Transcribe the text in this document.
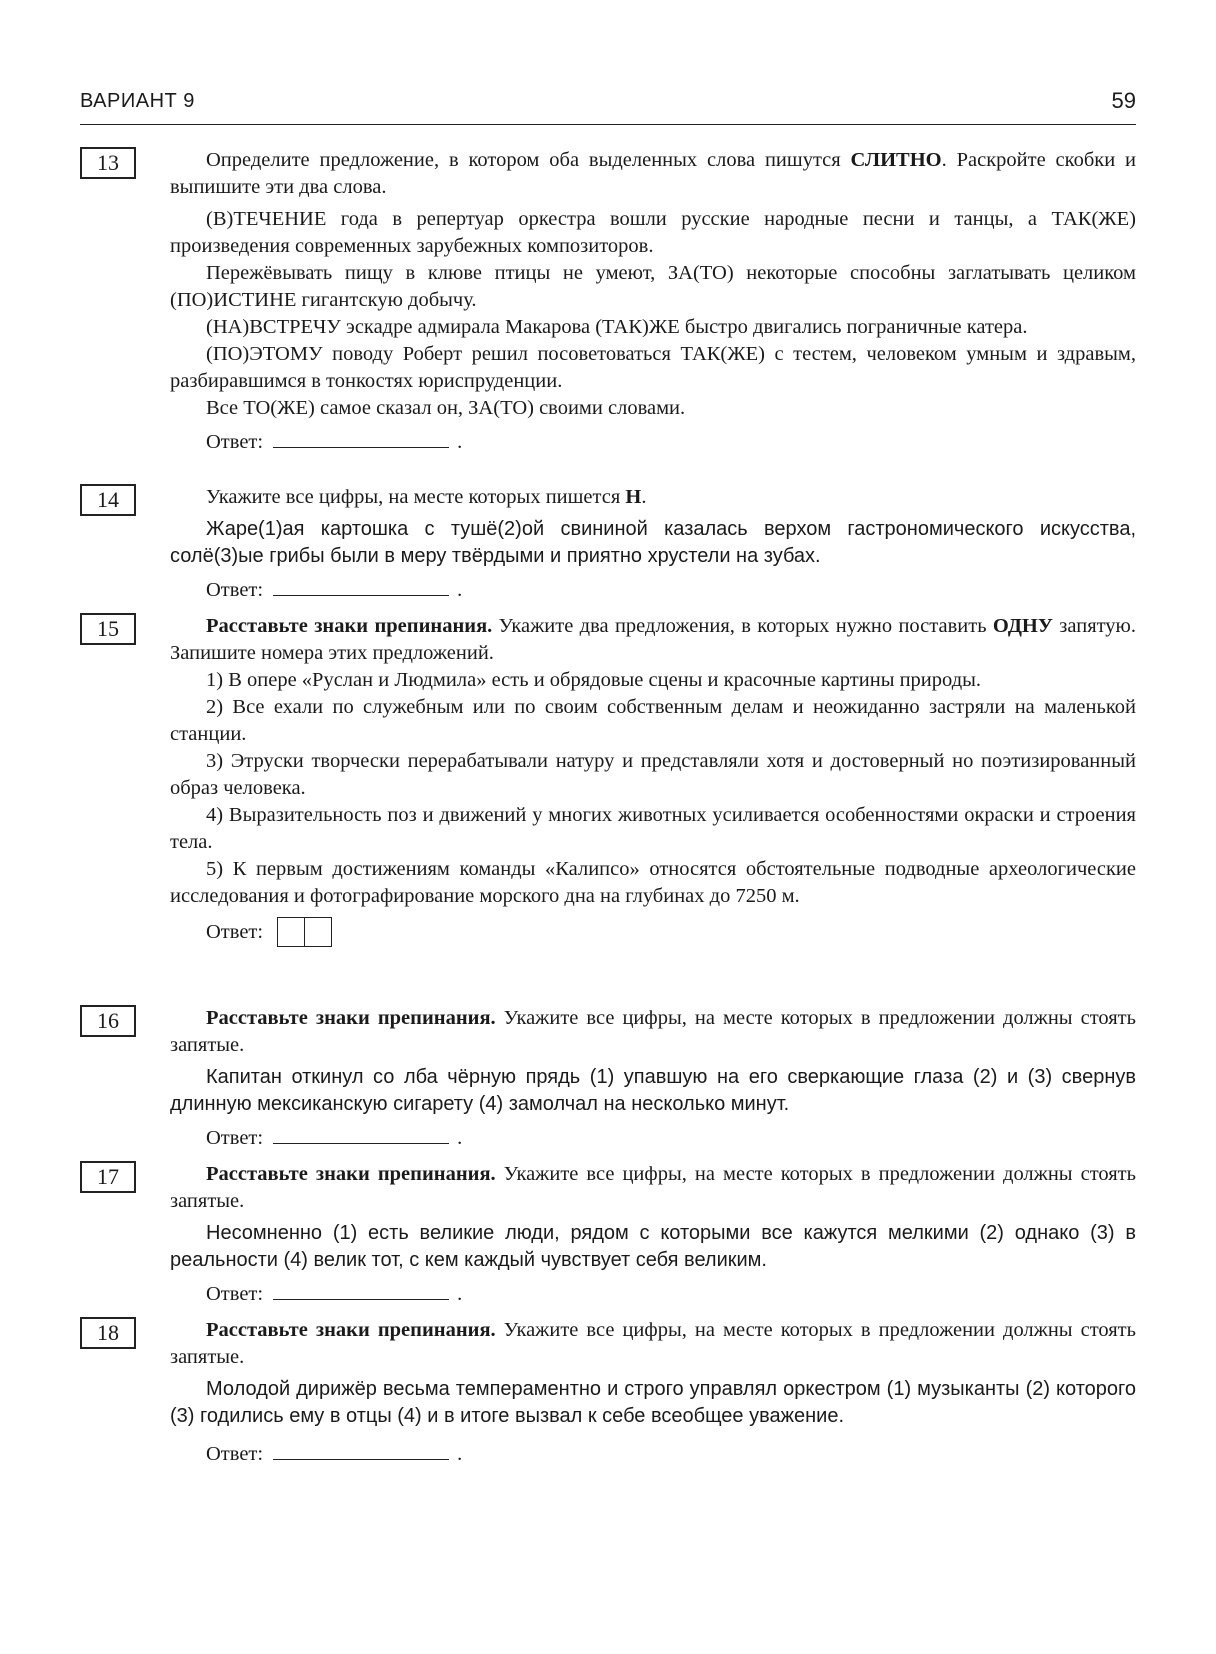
ВАРИАНТ 9	59
13	Определите предложение, в котором оба выделенных слова пишутся СЛИТНО. Раскройте скобки и выпишите эти два слова.

(В)ТЕЧЕНИЕ года в репертуар оркестра вошли русские народные песни и танцы, а ТАК(ЖЕ) произведения современных зарубежных композиторов.

Пережёвывать пищу в клюве птицы не умеют, ЗА(ТО) некоторые способны заглатывать целиком (ПО)ИСТИНЕ гигантскую добычу.

(НА)ВСТРЕЧУ эскадре адмирала Макарова (ТАК)ЖЕ быстро двигались пограничные катера.

(ПО)ЭТОМУ поводу Роберт решил посоветоваться ТАК(ЖЕ) с тестем, человеком умным и здравым, разбиравшимся в тонкостях юриспруденции.

Все ТО(ЖЕ) самое сказал он, ЗА(ТО) своими словами.

Ответ:	.
14	Укажите все цифры, на месте которых пишется Н.

Жаре(1)ая картошка с тушё(2)ой свининой казалась верхом гастрономического искусства, солё(3)ые грибы были в меру твёрдыми и приятно хрустели на зубах.

Ответ:	.
15	Расставьте знаки препинания. Укажите два предложения, в которых нужно поставить ОДНУ запятую. Запишите номера этих предложений.

1) В опере «Руслан и Людмила» есть и обрядовые сцены и красочные картины природы.

2) Все ехали по служебным или по своим собственным делам и неожиданно застряли на маленькой станции.

3) Этруски творчески перерабатывали натуру и представляли хотя и достоверный но поэтизированный образ человека.

4) Выразительность поз и движений у многих животных усиливается особенностями окраски и строения тела.

5) К первым достижениям команды «Калипсо» относятся обстоятельные подводные археологические исследования и фотографирование морского дна на глубинах до 7250 м.

Ответ:
16	Расставьте знаки препинания. Укажите все цифры, на месте которых в предложении должны стоять запятые.

Капитан откинул со лба чёрную прядь (1) упавшую на его сверкающие глаза (2) и (3) свернув длинную мексиканскую сигарету (4) замолчал на несколько минут.

Ответ:	.
17	Расставьте знаки препинания. Укажите все цифры, на месте которых в предложении должны стоять запятые.

Несомненно (1) есть великие люди, рядом с которыми все кажутся мелкими (2) однако (3) в реальности (4) велик тот, с кем каждый чувствует себя великим.

Ответ:	.
18	Расставьте знаки препинания. Укажите все цифры, на месте которых в предложении должны стоять запятые.

Молодой дирижёр весьма темпераментно и строго управлял оркестром (1) музыканты (2) которого (3) годились ему в отцы (4) и в итоге вызвал к себе всеобщее уважение.

Ответ:	.
